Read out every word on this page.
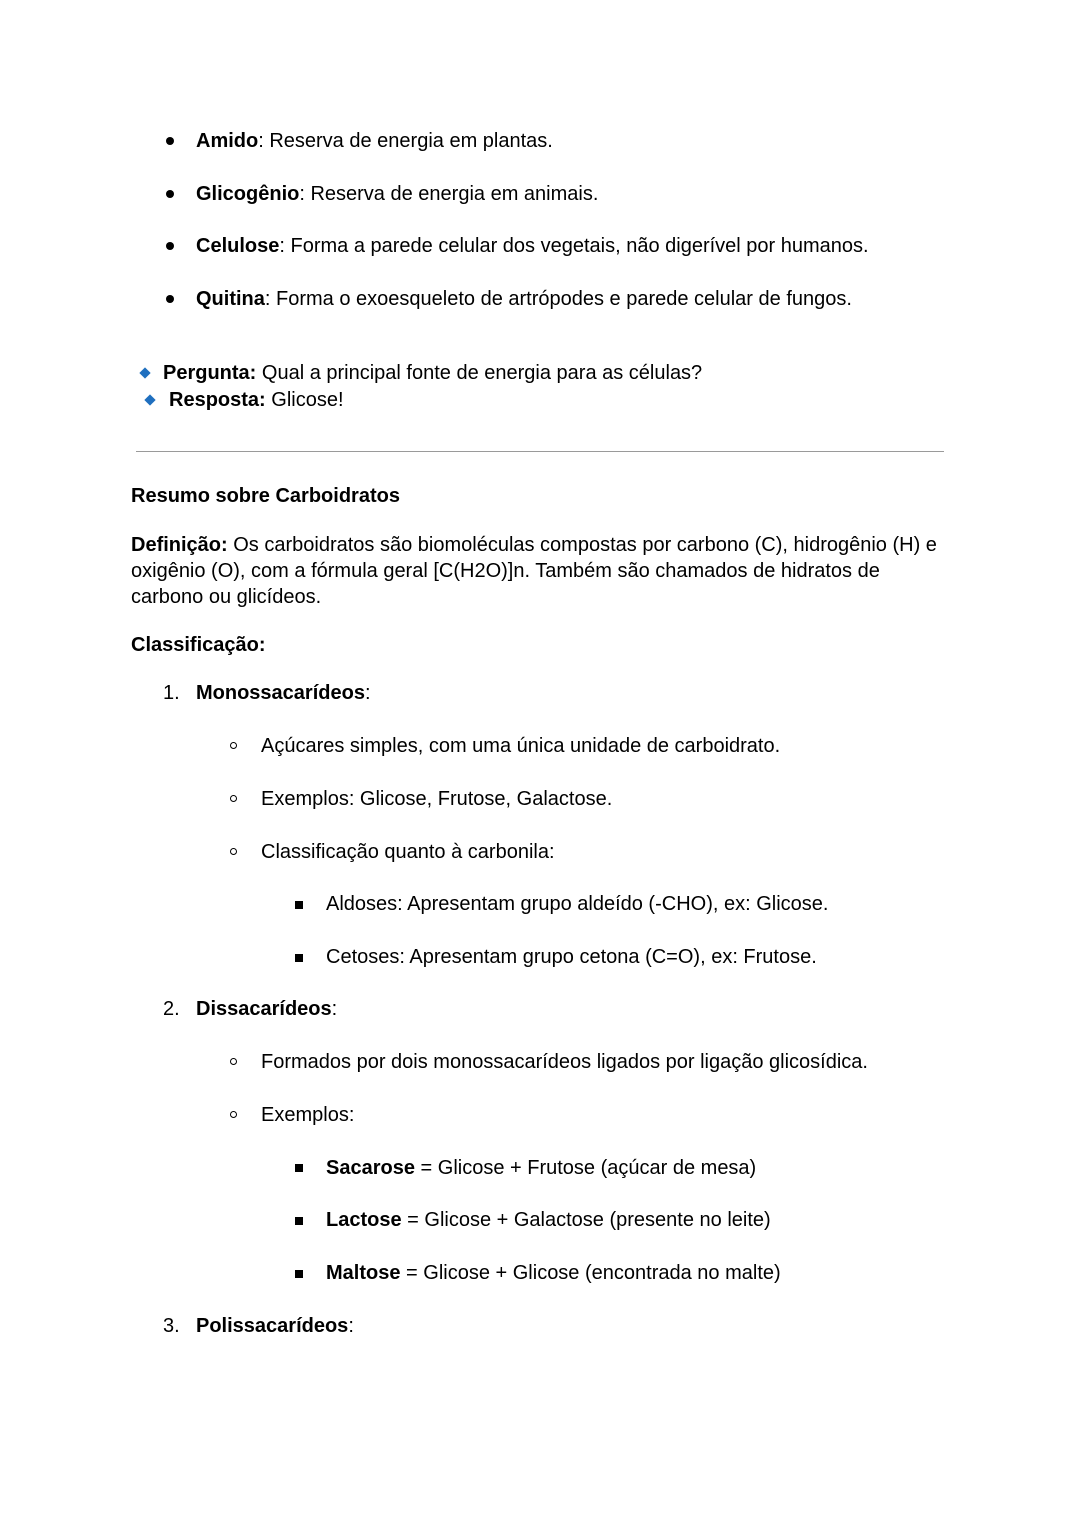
Amido: Reserva de energia em plantas.
Glicogênio: Reserva de energia em animais.
Celulose: Forma a parede celular dos vegetais, não digerível por humanos.
Quitina: Forma o exoesqueleto de artrópodes e parede celular de fungos.
Pergunta: Qual a principal fonte de energia para as células?
Resposta: Glicose!
Resumo sobre Carboidratos
Definição: Os carboidratos são biomoléculas compostas por carbono (C), hidrogênio (H) e oxigênio (O), com a fórmula geral [C(H2O)]n. Também são chamados de hidratos de carbono ou glicídeos.
Classificação:
1. Monossacarídeos:
Açúcares simples, com uma única unidade de carboidrato.
Exemplos: Glicose, Frutose, Galactose.
Classificação quanto à carbonila:
Aldoses: Apresentam grupo aldeído (-CHO), ex: Glicose.
Cetoses: Apresentam grupo cetona (C=O), ex: Frutose.
2. Dissacarídeos:
Formados por dois monossacarídeos ligados por ligação glicosídica.
Exemplos:
Sacarose = Glicose + Frutose (açúcar de mesa)
Lactose = Glicose + Galactose (presente no leite)
Maltose = Glicose + Glicose (encontrada no malte)
3. Polissacarídeos:
